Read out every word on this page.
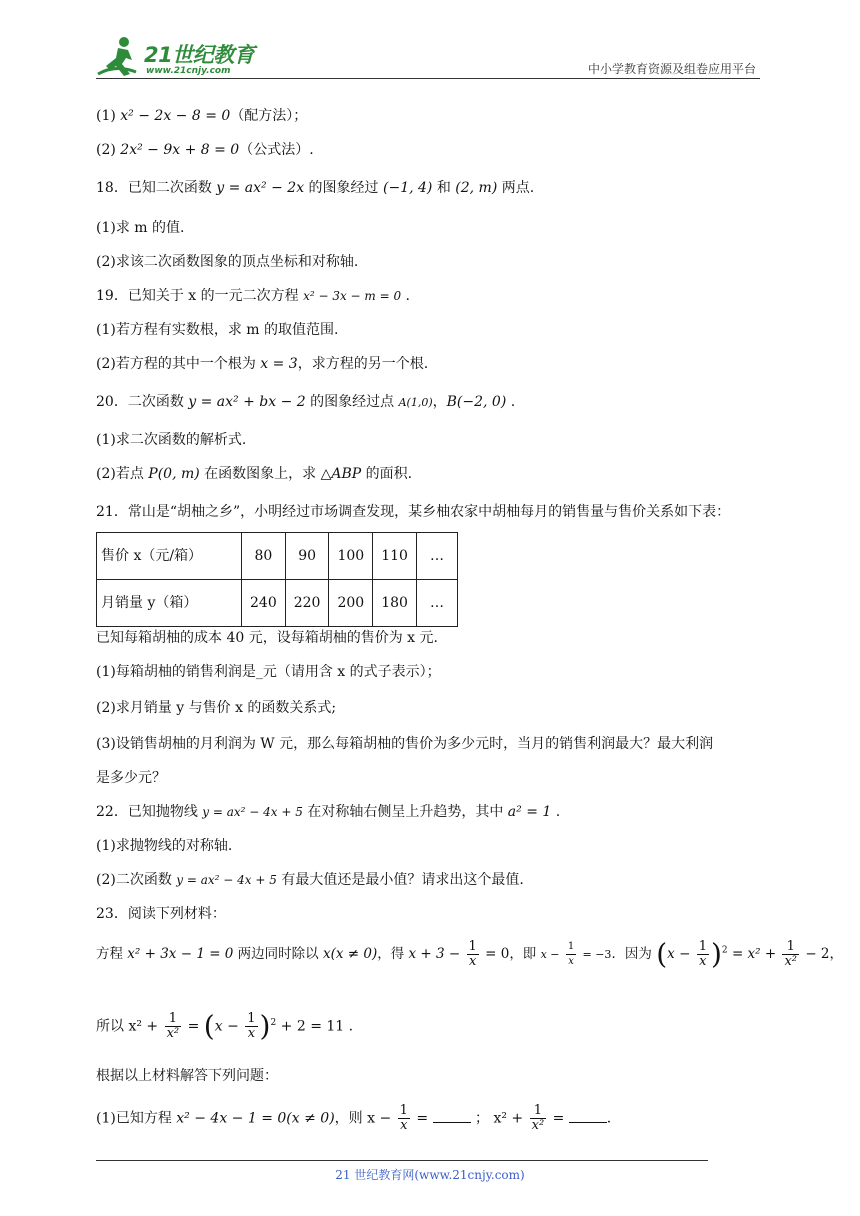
21世纪教育
www.21cnjy.com	中小学教育资源及组卷应用平台
(1) x² − 2x − 8 = 0（配方法）；
(2) 2x² − 9x + 8 = 0（公式法）.
18．已知二次函数 y = ax² − 2x 的图象经过 (−1, 4) 和 (2, m) 两点.
(1)求 m 的值.
(2)求该二次函数图象的顶点坐标和对称轴.
19．已知关于 x 的一元二次方程 x² − 3x − m = 0 .
(1)若方程有实数根，求 m 的取值范围.
(2)若方程的其中一个根为 x = 3，求方程的另一个根.
20．二次函数 y = ax² + bx − 2 的图象经过点 A(1,0)，B(−2, 0) .
(1)求二次函数的解析式.
(2)若点 P(0, m) 在函数图象上，求 △ABP 的面积.
21．常山是“胡柚之乡”，小明经过市场调查发现，某乡柚农家中胡柚每月的销售量与售价关系如下表：
售价 x（元/箱）	80	90	100	110	…
月销量 y（箱）	240	220	200	180	…
已知每箱胡柚的成本 40 元，设每箱胡柚的售价为 x 元.
(1)每箱胡柚的销售利润是_元（请用含 x 的式子表示）；
(2)求月销量 y 与售价 x 的函数关系式;
(3)设销售胡柚的月利润为 W 元，那么每箱胡柚的售价为多少元时，当月的销售利润最大？最大利润
是多少元？
22．已知抛物线 y = ax² − 4x + 5 在对称轴右侧呈上升趋势，其中 a² = 1 .
(1)求抛物线的对称轴.
(2)二次函数 y = ax² − 4x + 5 有最大值还是最小值？请求出这个最值.
23．阅读下列材料：
方程 x² + 3x − 1 = 0 两边同时除以 x(x ≠ 0)，得 $x + 3 - \frac{1}{x} = 0$，即 $x - \frac{1}{x} = -3$．因为 $(x - \frac{1}{x} )^2 = x^2 + \frac{1}{\text{x²}} - 2$，
所以 $x^2 + \frac{1}{\text{x²}} = (x - \frac{1}{x} )^2 + 2 = 11$ .
根据以上材料解答下列问题：
(1)已知方程 x² − 4x − 1 = 0(x ≠ 0)，则 $x - \frac{1}{x}$ =	； $x^2 + \frac{1}{\text{x²}}$ =	.
21 世纪教育网(www.21cnjy.com)
